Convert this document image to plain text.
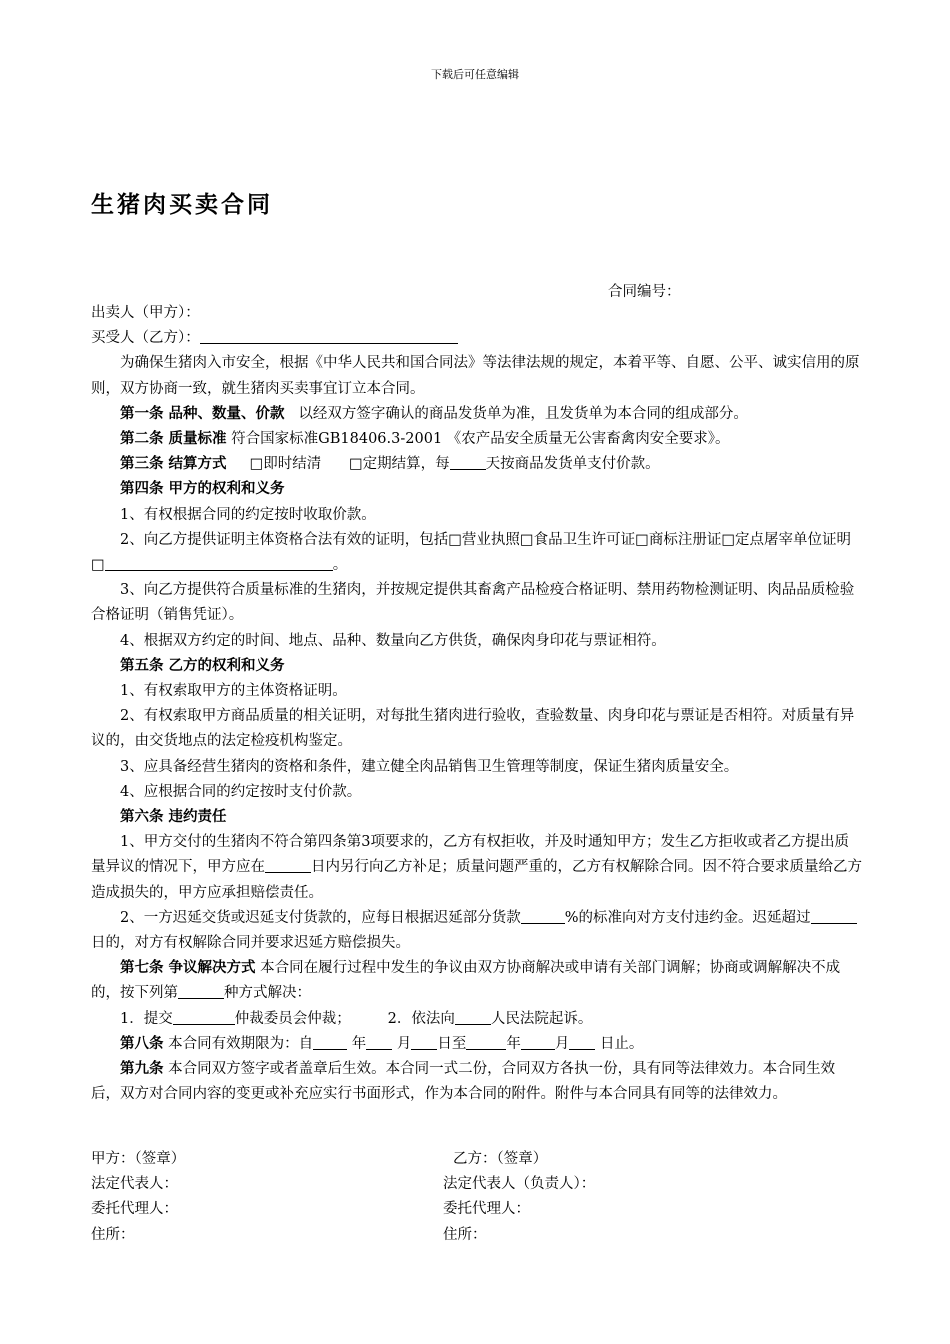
下载后可任意编辑
生猪肉买卖合同
合同编号：

出卖人（甲方）：

买受人（乙方）：

为确保生猪肉入市安全，根据《中华人民共和国合同法》等法律法规的规定，本着平等、自愿、公平、诚实信用的原则，双方协商一致，就生猪肉买卖事宜订立本合同。

第一条 品种、数量、价款 以经双方签字确认的商品发货单为准，且发货单为本合同的组成部分。

第二条 质量标准 符合国家标准GB18406.3-2001 《农产品安全质量无公害畜禽肉安全要求》。

第三条 结算方式 □即时结清 □定期结算，每 天按商品发货单支付价款。

第四条 甲方的权利和义务

1、有权根据合同的约定按时收取价款。

2、向乙方提供证明主体资格合法有效的证明，包括□营业执照□食品卫生许可证□商标注册证□定点屠宰单位证明□	。

3、向乙方提供符合质量标准的生猪肉，并按规定提供其畜禽产品检疫合格证明、禁用药物检测证明、肉品品质检验合格证明（销售凭证）。

4、根据双方约定的时间、地点、品种、数量向乙方供货，确保肉身印花与票证相符。

第五条 乙方的权利和义务

1、有权索取甲方的主体资格证明。

2、有权索取甲方商品质量的相关证明，对每批生猪肉进行验收，查验数量、肉身印花与票证是否相符。对质量有异议的，由交货地点的法定检疫机构鉴定。

3、应具备经营生猪肉的资格和条件，建立健全肉品销售卫生管理等制度，保证生猪肉质量安全。

4、应根据合同的约定按时支付价款。

第六条 违约责任

1、甲方交付的生猪肉不符合第四条第3项要求的，乙方有权拒收，并及时通知甲方；发生乙方拒收或者乙方提出质量异议的情况下，甲方应在	日内另行向乙方补足；质量问题严重的，乙方有权解除合同。因不符合要求质量给乙方造成损失的，甲方应承担赔偿责任。

2、一方迟延交货或迟延支付货款的，应每日根据迟延部分货款	%的标准向对方支付违约金。迟延超过日的，对方有权解除合同并要求迟延方赔偿损失。

第七条 争议解决方式 本合同在履行过程中发生的争议由双方协商解决或申请有关部门调解；协商或调解解决不成的，按下列第	种方式解决：

1．提交	仲裁委员会仲裁；	2．依法向 人民法院起诉。

第八条 本合同有效期限为：自	年 月 日至	年 月 日止。

第九条 本合同双方签字或者盖章后生效。本合同一式二份，合同双方各执一份，具有同等法律效力。本合同生效后，双方对合同内容的变更或补充应实行书面形式，作为本合同的附件。附件与本合同具有同等的法律效力。

甲方：（签章）	乙方：（签章）
法定代表人：	法定代表人（负责人）：
委托代理人：	委托代理人：
住所：	住所：
